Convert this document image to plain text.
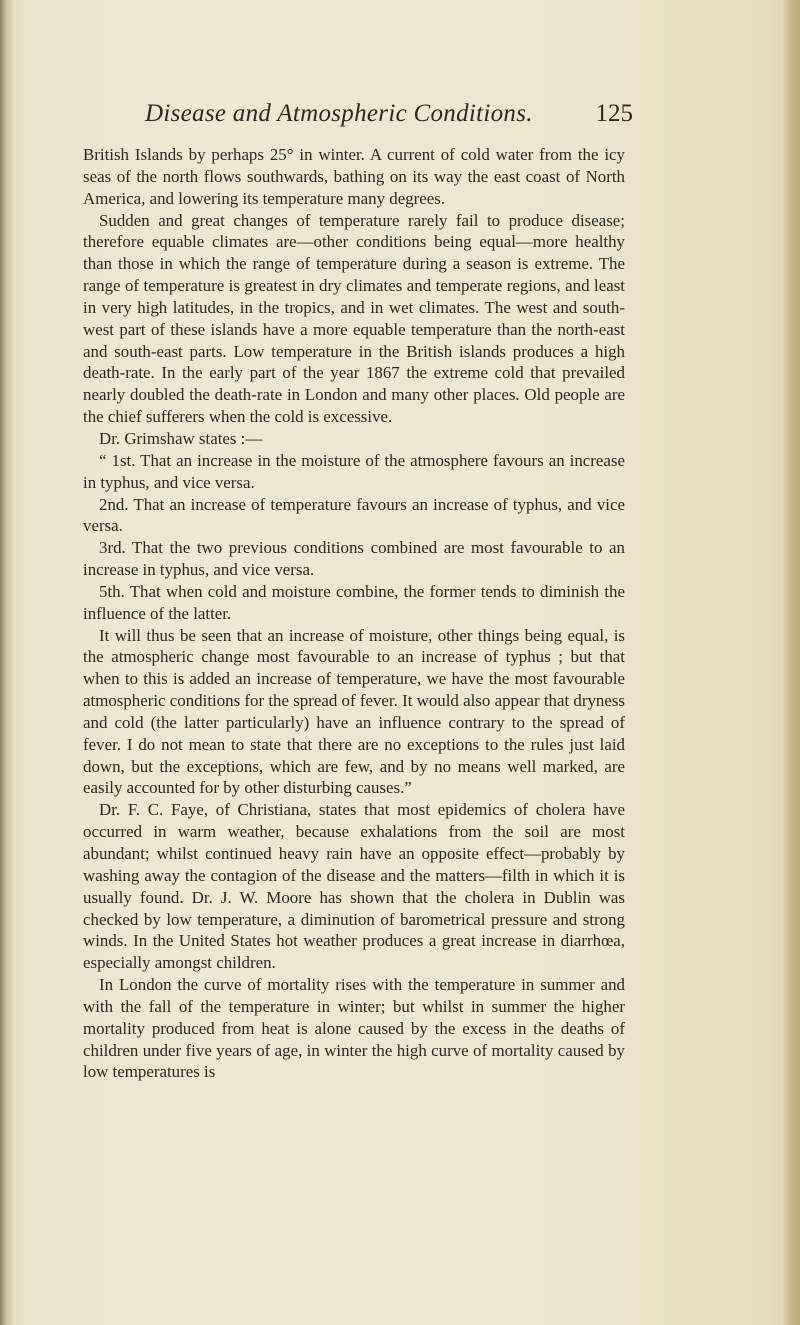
Disease and Atmospheric Conditions.	125

British Islands by perhaps 25° in winter. A current of cold water from the icy seas of the north flows southwards, bathing on its way the east coast of North America, and lowering its temperature many degrees.

Sudden and great changes of temperature rarely fail to produce disease; therefore equable climates are—other conditions being equal—more healthy than those in which the range of temperature during a season is extreme. The range of temperature is greatest in dry climates and temperate regions, and least in very high latitudes, in the tropics, and in wet climates. The west and south-west part of these islands have a more equable temperature than the north-east and south-east parts. Low temperature in the British islands produces a high death-rate. In the early part of the year 1867 the extreme cold that prevailed nearly doubled the death-rate in London and many other places. Old people are the chief sufferers when the cold is excessive.

Dr. Grimshaw states :—

“ 1st. That an increase in the moisture of the atmosphere favours an increase in typhus, and vice versa.

2nd. That an increase of temperature favours an increase of typhus, and vice versa.

3rd. That the two previous conditions combined are most favourable to an increase in typhus, and vice versa.

5th. That when cold and moisture combine, the former tends to diminish the influence of the latter.

It will thus be seen that an increase of moisture, other things being equal, is the atmospheric change most favourable to an increase of typhus ; but that when to this is added an increase of temperature, we have the most favourable atmospheric conditions for the spread of fever. It would also appear that dryness and cold (the latter particularly) have an influence contrary to the spread of fever. I do not mean to state that there are no exceptions to the rules just laid down, but the exceptions, which are few, and by no means well marked, are easily accounted for by other disturbing causes.”

Dr. F. C. Faye, of Christiana, states that most epidemics of cholera have occurred in warm weather, because exhalations from the soil are most abundant; whilst continued heavy rain have an opposite effect—probably by washing away the contagion of the disease and the matters—filth in which it is usually found. Dr. J. W. Moore has shown that the cholera in Dublin was checked by low temperature, a diminution of barometrical pressure and strong winds. In the United States hot weather produces a great increase in diarrhœa, especially amongst children.

In London the curve of mortality rises with the temperature in summer and with the fall of the temperature in winter; but whilst in summer the higher mortality produced from heat is alone caused by the excess in the deaths of children under five years of age, in winter the high curve of mortality caused by low temperatures is
